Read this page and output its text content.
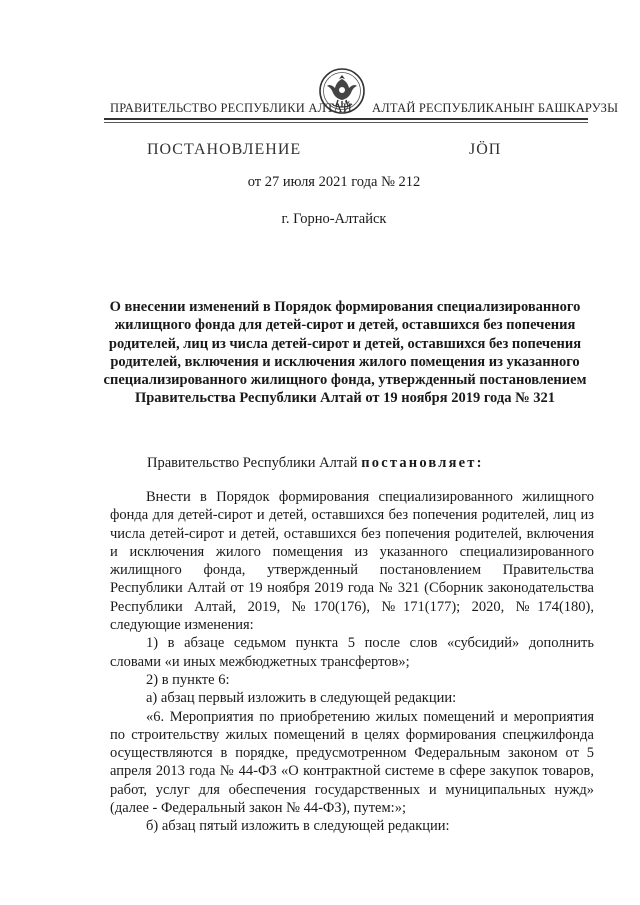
ПРАВИТЕЛЬСТВО РЕСПУБЛИКИ АЛТАЙ АЛТАЙ РЕСПУБЛИКАНЫҤ БАШКАРУЗЫ
ПОСТАНОВЛЕНИЕ	ЈӦП
от 27 июля 2021 года № 212
г. Горно-Алтайск
О внесении изменений в Порядок формирования специализированного жилищного фонда для детей-сирот и детей, оставшихся без попечения родителей, лиц из числа детей-сирот и детей, оставшихся без попечения родителей, включения и исключения жилого помещения из указанного специализированного жилищного фонда, утвержденный постановлением Правительства Республики Алтай от 19 ноября 2019 года № 321
Правительство Республики Алтай постановляет:

Внести в Порядок формирования специализированного жилищного фонда для детей-сирот и детей, оставшихся без попечения родителей, лиц из числа детей-сирот и детей, оставшихся без попечения родителей, включения и исключения жилого помещения из указанного специализированного жилищного фонда, утвержденный постановлением Правительства Республики Алтай от 19 ноября 2019 года № 321 (Сборник законодательства Республики Алтай, 2019, №170(176), №171(177); 2020, №174(180), следующие изменения:

1) в абзаце седьмом пункта 5 после слов «субсидий» дополнить словами «и иных межбюджетных трансфертов»;

2) в пункте 6:

а) абзац первый изложить в следующей редакции:

«6. Мероприятия по приобретению жилых помещений и мероприятия по строительству жилых помещений в целях формирования спецжилфонда осуществляются в порядке, предусмотренном Федеральным законом от 5 апреля 2013 года № 44-ФЗ «О контрактной системе в сфере закупок товаров, работ, услуг для обеспечения государственных и муниципальных нужд» (далее - Федеральный закон № 44-ФЗ), путем:»;

б) абзац пятый изложить в следующей редакции:
